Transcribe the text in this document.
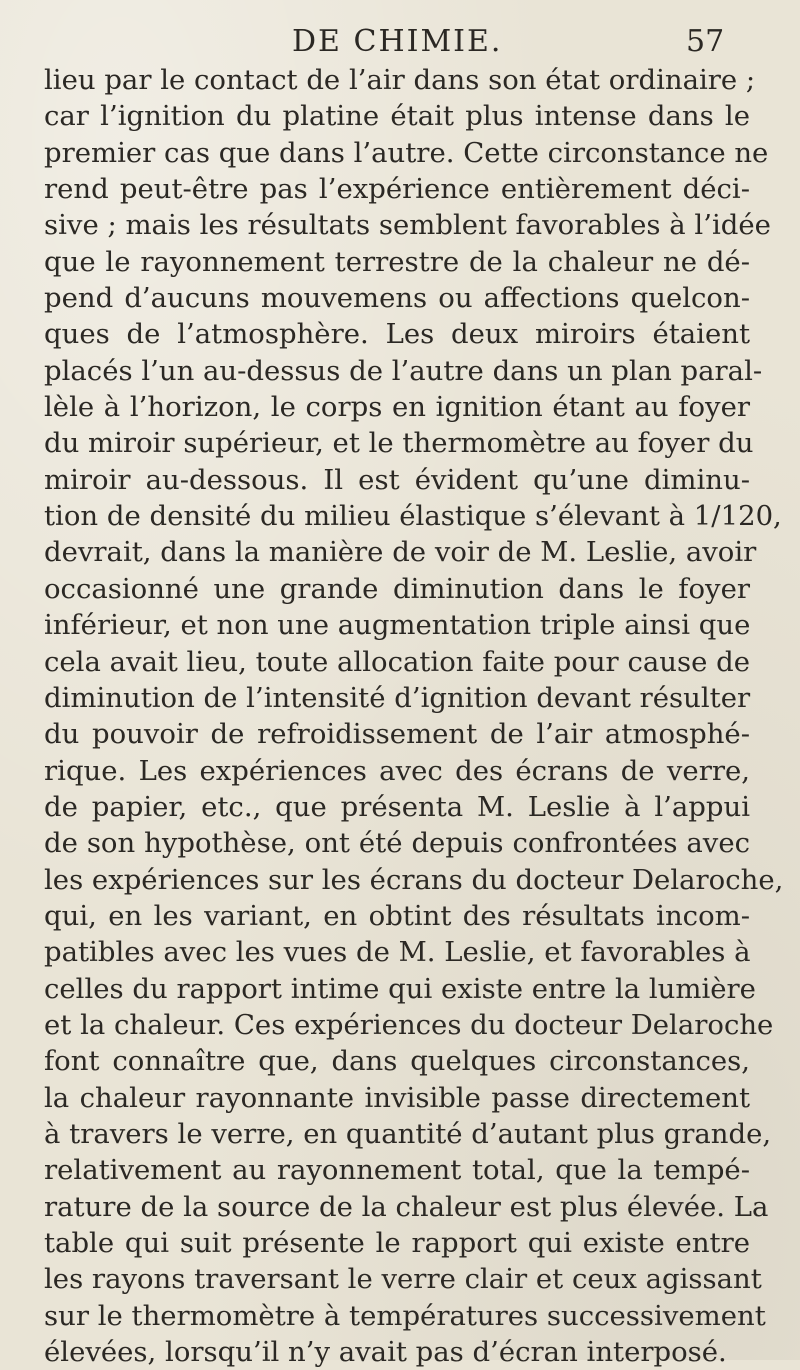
DE CHIMIE.	57
lieu par le contact de l’air dans son état ordinaire ;
car l’ignition du platine était plus intense dans le
premier cas que dans l’autre. Cette circonstance ne
rend peut-être pas l’expérience entièrement déci-
sive ; mais les résultats semblent favorables à l’idée
que le rayonnement terrestre de la chaleur ne dé-
pend d’aucuns mouvemens ou affections quelcon-
ques de l’atmosphère. Les deux miroirs étaient
placés l’un au-dessus de l’autre dans un plan paral-
lèle à l’horizon, le corps en ignition étant au foyer
du miroir supérieur, et le thermomètre au foyer du
miroir au-dessous. Il est évident qu’une diminu-
tion de densité du milieu élastique s’élevant à 1/120,
devrait, dans la manière de voir de M. Leslie, avoir
occasionné une grande diminution dans le foyer
inférieur, et non une augmentation triple ainsi que
cela avait lieu, toute allocation faite pour cause de
diminution de l’intensité d’ignition devant résulter
du pouvoir de refroidissement de l’air atmosphé-
rique. Les expériences avec des écrans de verre,
de papier, etc., que présenta M. Leslie à l’appui
de son hypothèse, ont été depuis confrontées avec
les expériences sur les écrans du docteur Delaroche,
qui, en les variant, en obtint des résultats incom-
patibles avec les vues de M. Leslie, et favorables à
celles du rapport intime qui existe entre la lumière
et la chaleur. Ces expériences du docteur Delaroche
font connaître que, dans quelques circonstances,
la chaleur rayonnante invisible passe directement
à travers le verre, en quantité d’autant plus grande,
relativement au rayonnement total, que la tempé-
rature de la source de la chaleur est plus élevée. La
table qui suit présente le rapport qui existe entre
les rayons traversant le verre clair et ceux agissant
sur le thermomètre à températures successivement
élevées, lorsqu’il n’y avait pas d’écran interposé.
